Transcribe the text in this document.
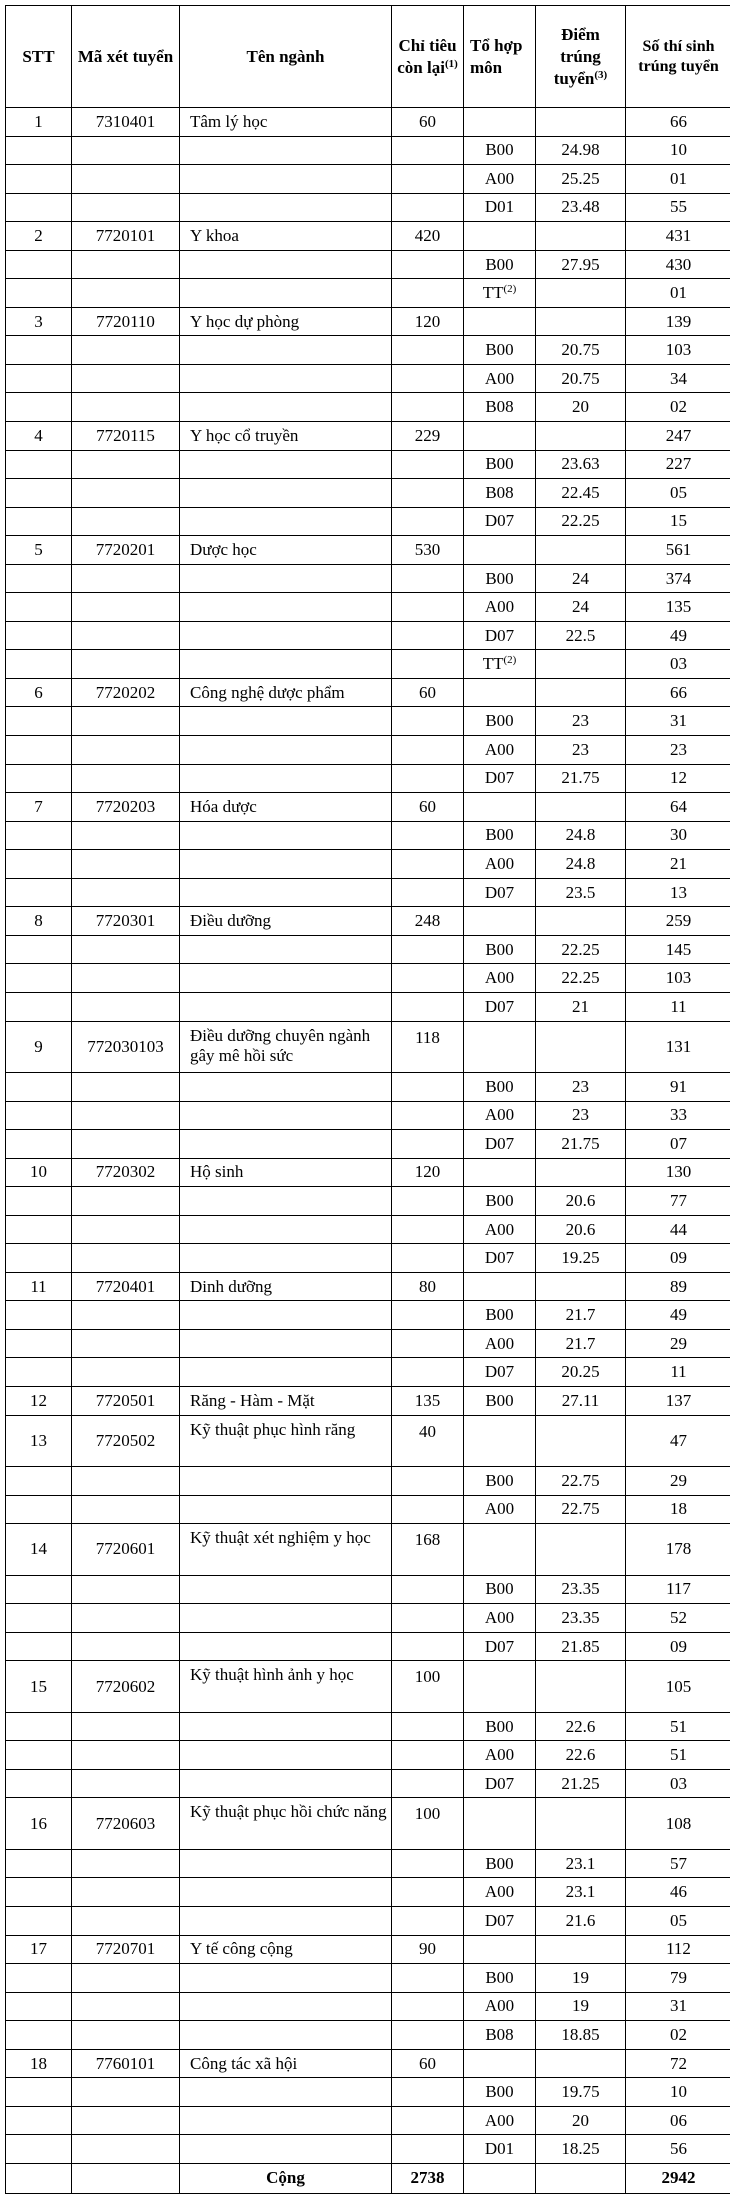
STT	Mã xét tuyển	Tên ngành	Chỉ tiêu còn lại$^{(1)}$	Tổ hợp môn	Điểm trúng tuyển$^{(3)}$	Số thí sinh trúng tuyển
1	7310401	Tâm lý học	60			66
				B00	24.98	10
				A00	25.25	01
				D01	23.48	55
2	7720101	Y khoa	420			431
				B00	27.95	430
				TT$^{(2)}$		01
3	7720110	Y học dự phòng	120			139
				B00	20.75	103
				A00	20.75	34
				B08	20	02
4	7720115	Y học cổ truyền	229			247
				B00	23.63	227
				B08	22.45	05
				D07	22.25	15
5	7720201	Dược học	530			561
				B00	24	374
				A00	24	135
				D07	22.5	49
				TT$^{(2)}$		03
6	7720202	Công nghệ dược phẩm	60			66
				B00	23	31
				A00	23	23
				D07	21.75	12
7	7720203	Hóa dược	60			64
				B00	24.8	30
				A00	24.8	21
				D07	23.5	13
8	7720301	Điều dưỡng	248			259
				B00	22.25	145
				A00	22.25	103
				D07	21	11
9	772030103	Điều dưỡng chuyên ngành gây mê hồi sức	118			131
				B00	23	91
				A00	23	33
				D07	21.75	07
10	7720302	Hộ sinh	120			130
				B00	20.6	77
				A00	20.6	44
				D07	19.25	09
11	7720401	Dinh dưỡng	80			89
				B00	21.7	49
				A00	21.7	29
				D07	20.25	11
12	7720501	Răng - Hàm - Mặt	135	B00	27.11	137
13	7720502	Kỹ thuật phục hình răng	40			47
				B00	22.75	29
				A00	22.75	18
14	7720601	Kỹ thuật xét nghiệm y học	168			178
				B00	23.35	117
				A00	23.35	52
				D07	21.85	09
15	7720602	Kỹ thuật hình ảnh y học	100			105
				B00	22.6	51
				A00	22.6	51
				D07	21.25	03
16	7720603	Kỹ thuật phục hồi chức năng	100			108
				B00	23.1	57
				A00	23.1	46
				D07	21.6	05
17	7720701	Y tế công cộng	90			112
				B00	19	79
				A00	19	31
				B08	18.85	02
18	7760101	Công tác xã hội	60			72
				B00	19.75	10
				A00	20	06
				D01	18.25	56
		Cộng	2738			2942
